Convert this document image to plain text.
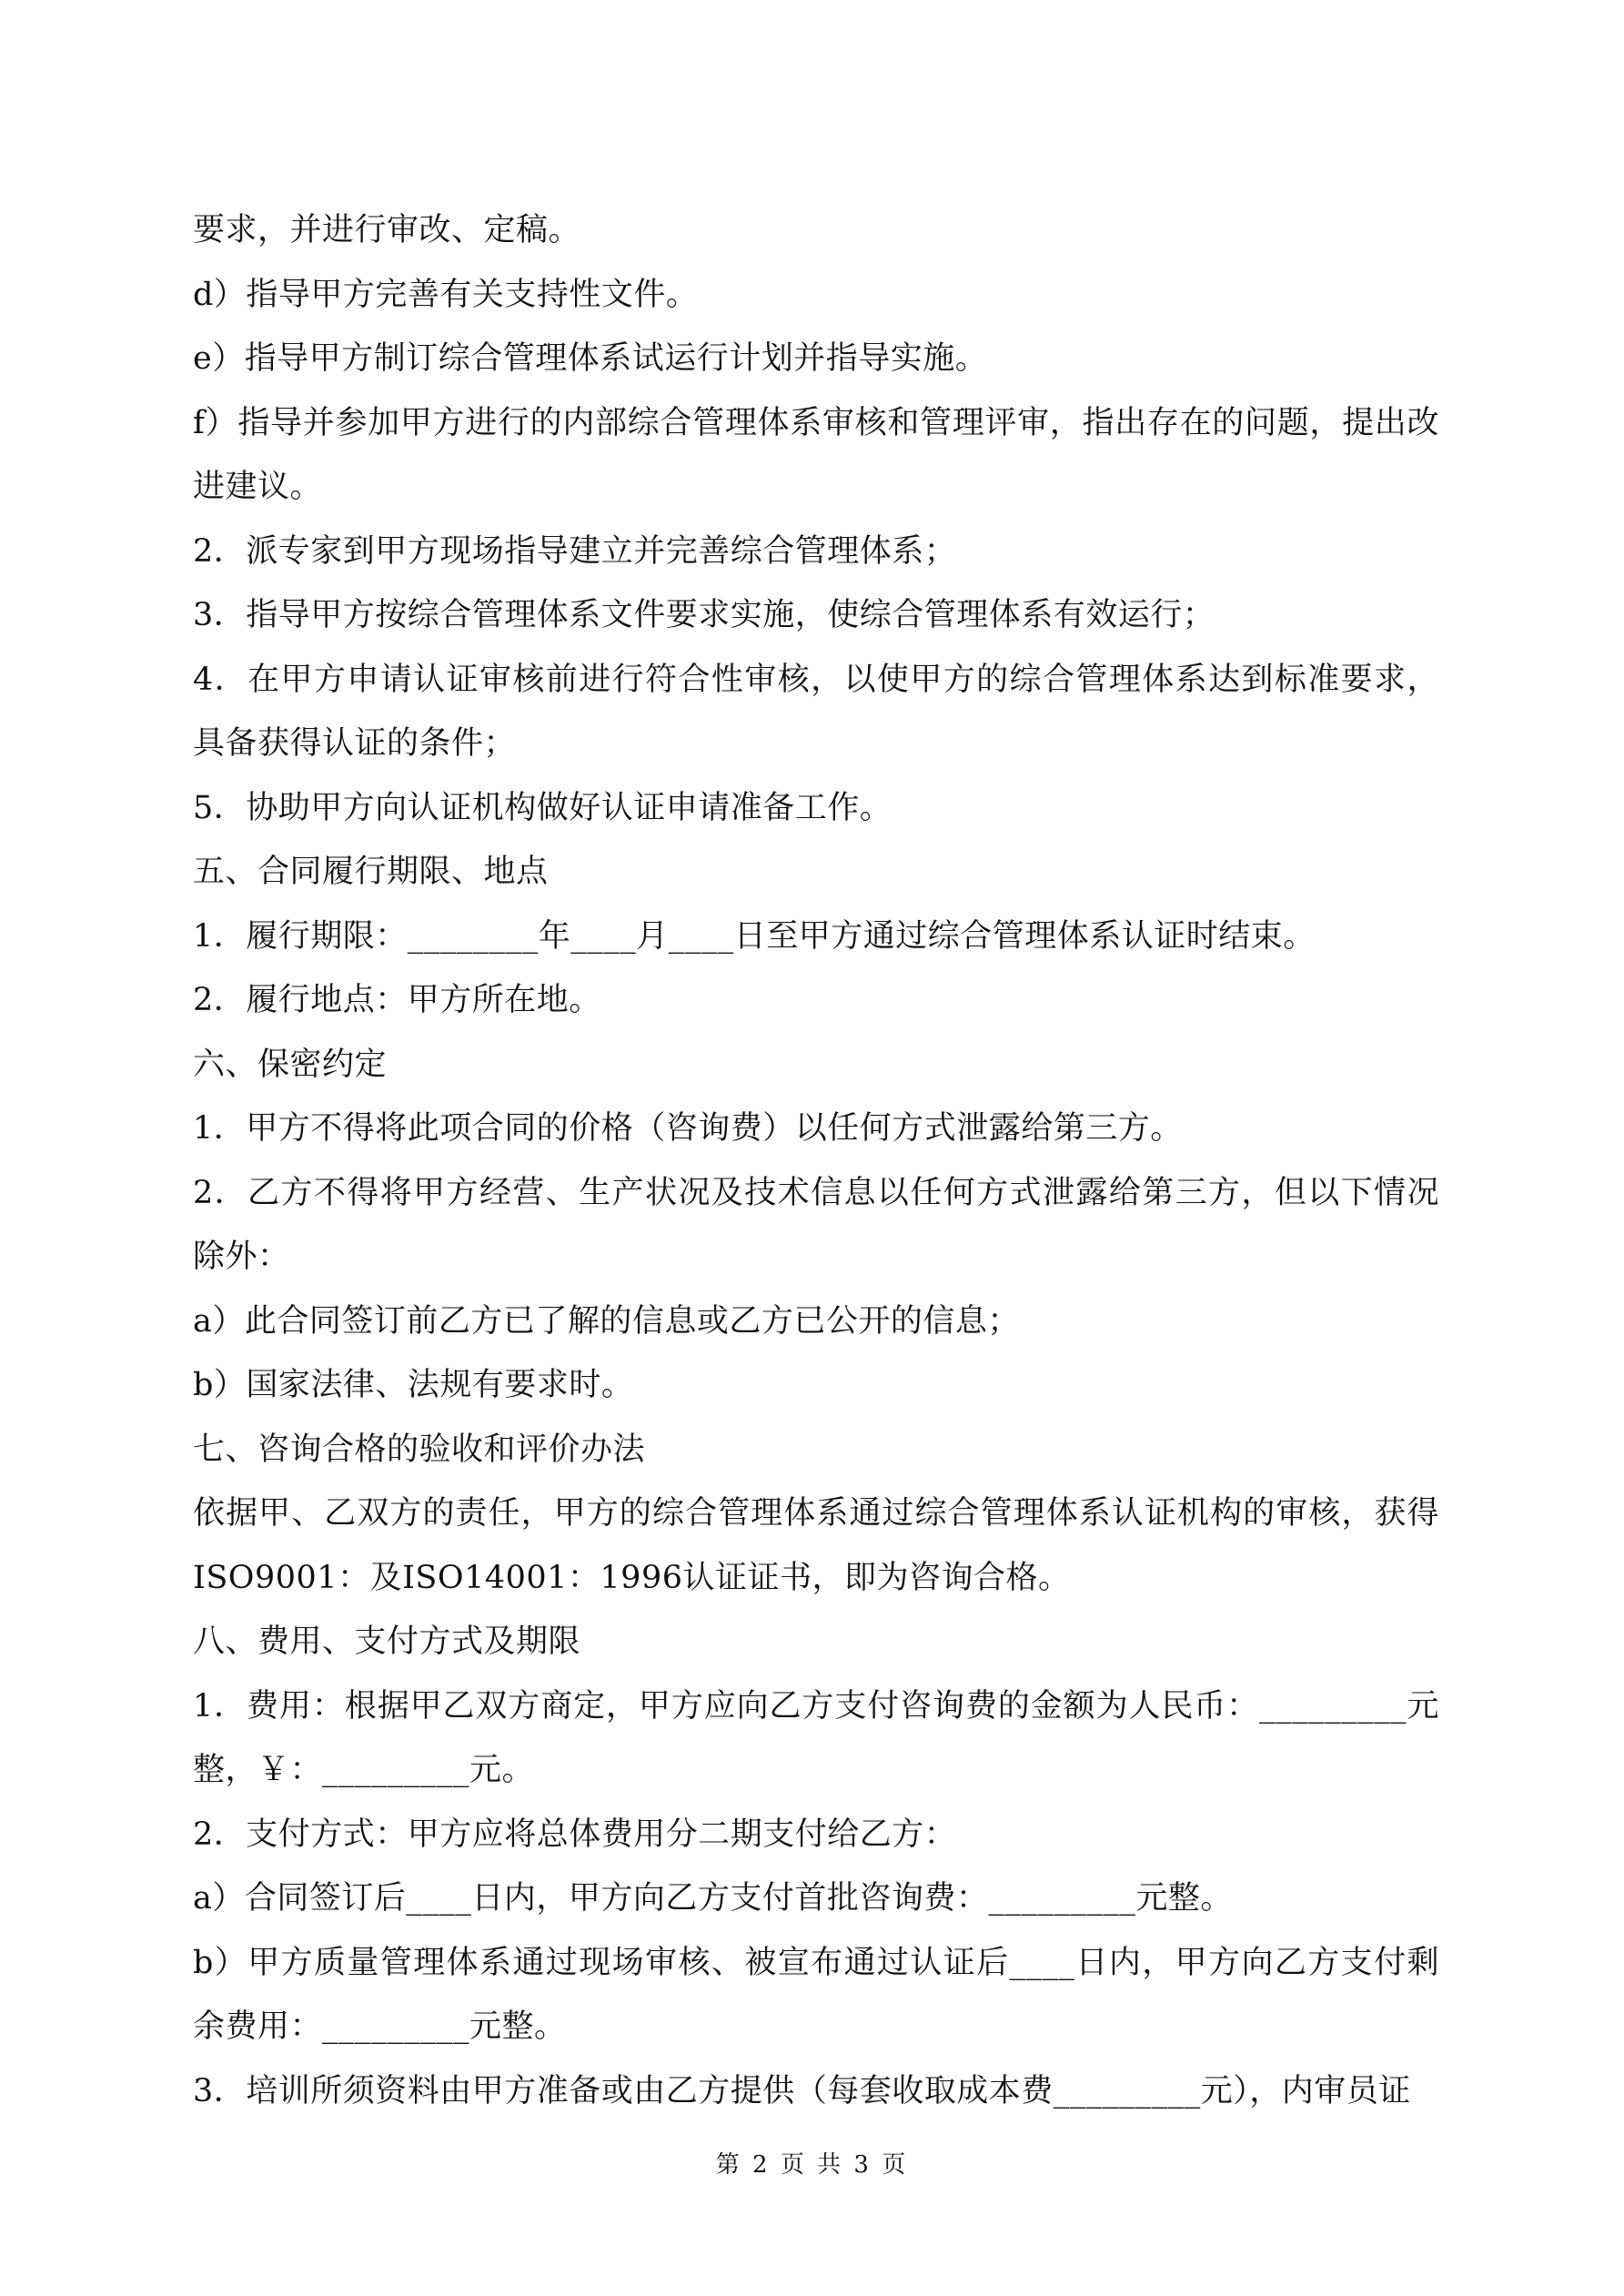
要求，并进行审改、定稿。

d）指导甲方完善有关支持性文件。

e）指导甲方制订综合管理体系试运行计划并指导实施。

f）指导并参加甲方进行的内部综合管理体系审核和管理评审，指出存在的问题，提出改进建议。

2．派专家到甲方现场指导建立并完善综合管理体系；

3．指导甲方按综合管理体系文件要求实施，使综合管理体系有效运行；

4．在甲方申请认证审核前进行符合性审核，以使甲方的综合管理体系达到标准要求，具备获得认证的条件；

5．协助甲方向认证机构做好认证申请准备工作。

五、合同履行期限、地点

1．履行期限：________年____月____日至甲方通过综合管理体系认证时结束。

2．履行地点：甲方所在地。

六、保密约定

1．甲方不得将此项合同的价格（咨询费）以任何方式泄露给第三方。

2．乙方不得将甲方经营、生产状况及技术信息以任何方式泄露给第三方，但以下情况除外：

a）此合同签订前乙方已了解的信息或乙方已公开的信息；

b）国家法律、法规有要求时。

七、咨询合格的验收和评价办法

依据甲、乙双方的责任，甲方的综合管理体系通过综合管理体系认证机构的审核，获得ISO9001：及ISO14001：1996认证证书，即为咨询合格。

八、费用、支付方式及期限

1．费用：根据甲乙双方商定，甲方应向乙方支付咨询费的金额为人民币：_________元整，￥：_________元。

2．支付方式：甲方应将总体费用分二期支付给乙方：

a）合同签订后____日内，甲方向乙方支付首批咨询费：_________元整。

b）甲方质量管理体系通过现场审核、被宣布通过认证后____日内，甲方向乙方支付剩余费用：_________元整。

3．培训所须资料由甲方准备或由乙方提供（每套收取成本费_________元），内审员证

第 2 页 共 3 页
